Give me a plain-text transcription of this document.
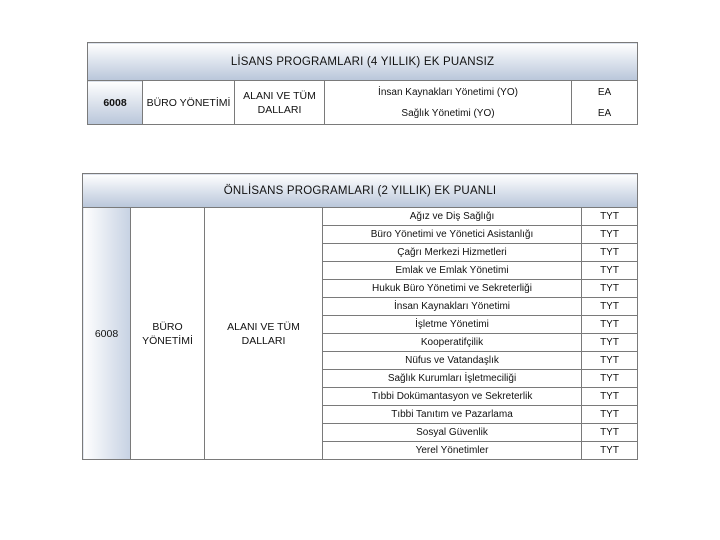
LİSANS PROGRAMLARI (4 YILLIK) EK PUANSIZ				
6008	BÜRO YÖNETİMİ	ALANI VE TÜM DALLARI	İnsan Kaynakları Yönetimi (YO)	EA
			Sağlık Yönetimi (YO)	EA
ÖNLİSANS PROGRAMLARI (2 YILLIK) EK PUANLI				
6008	BÜRO YÖNETİMİ	ALANI VE TÜM DALLARI	Ağız ve Diş Sağlığı	TYT
			Büro Yönetimi ve Yönetici Asistanlığı	TYT
			Çağrı Merkezi Hizmetleri	TYT
			Emlak ve Emlak Yönetimi	TYT
			Hukuk Büro Yönetimi ve Sekreterliği	TYT
			İnsan Kaynakları Yönetimi	TYT
			İşletme Yönetimi	TYT
			Kooperatifçilik	TYT
			Nüfus ve Vatandaşlık	TYT
			Sağlık Kurumları İşletmeciliği	TYT
			Tıbbi Dokümantasyon ve Sekreterlik	TYT
			Tıbbi Tanıtım ve Pazarlama	TYT
			Sosyal Güvenlik	TYT
			Yerel Yönetimler	TYT
